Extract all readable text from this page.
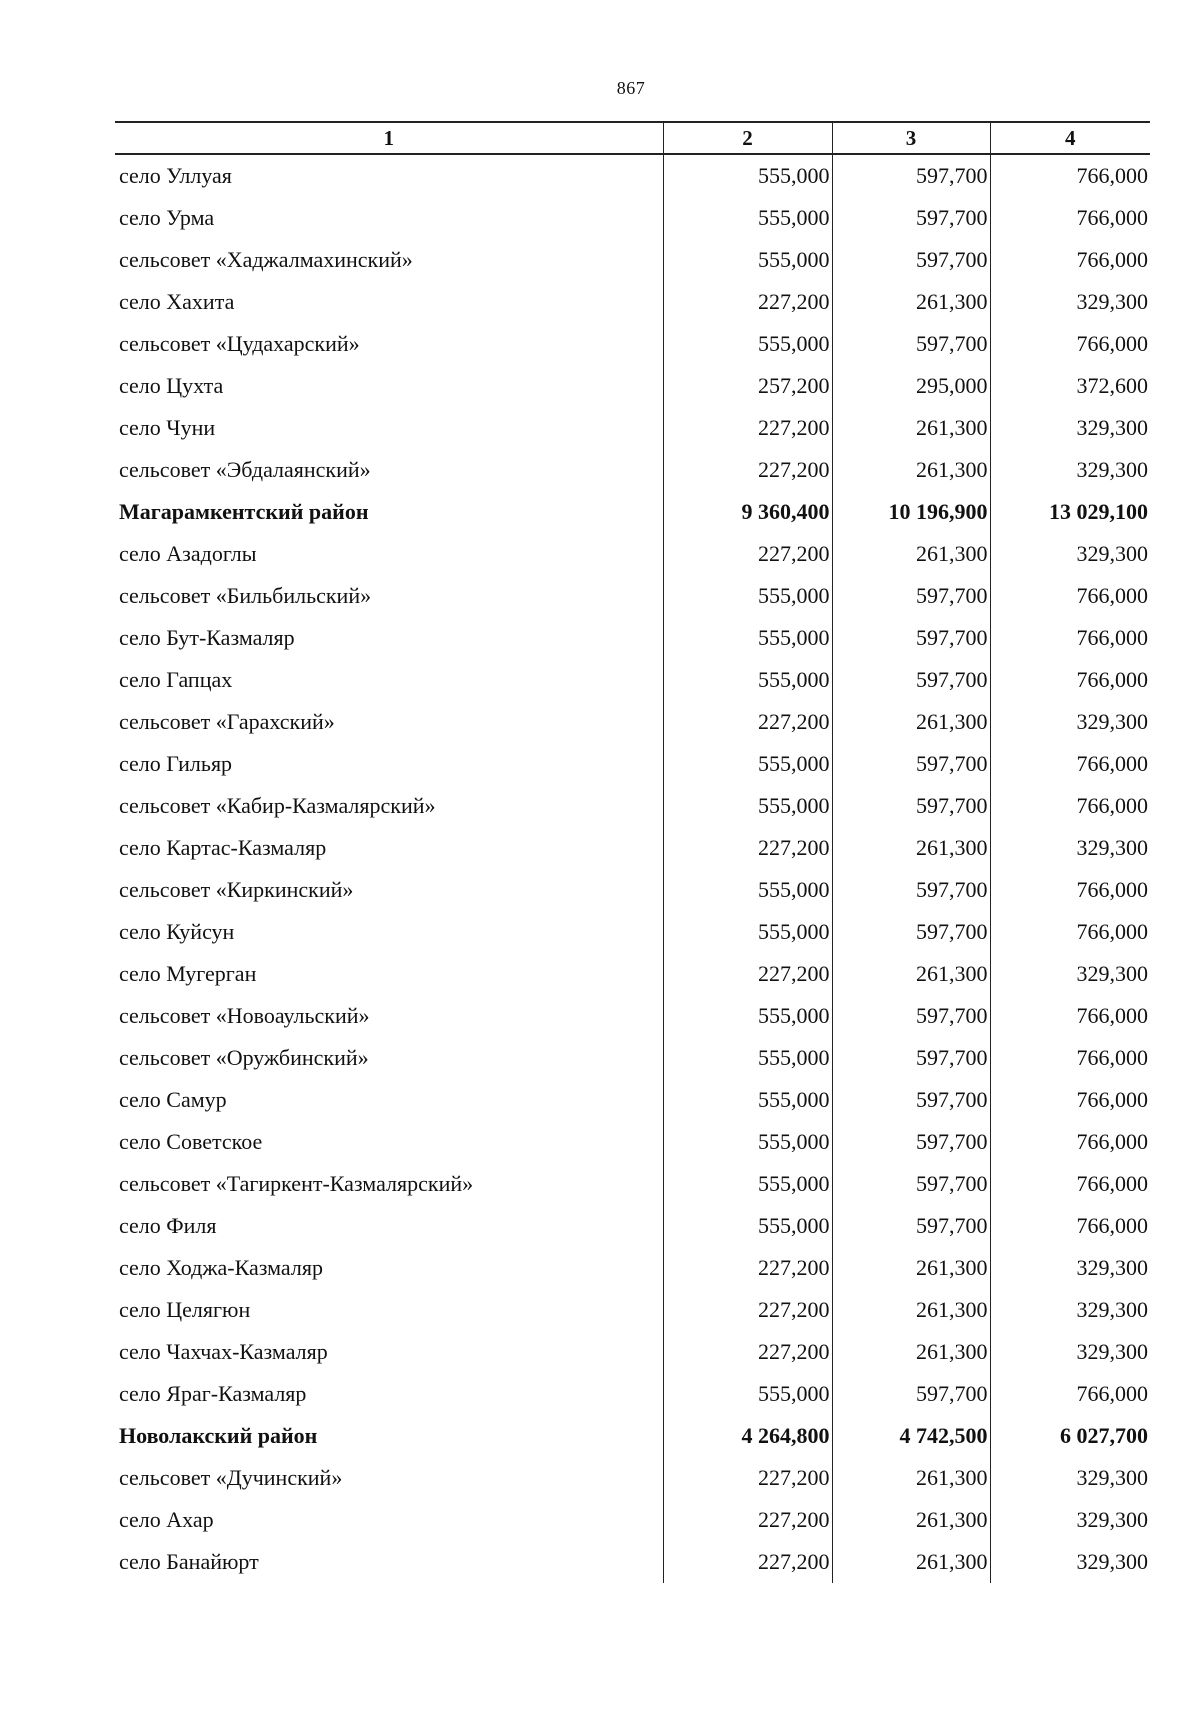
867
1	2	3	4
село Уллуая	555,000	597,700	766,000
село Урма	555,000	597,700	766,000
сельсовет «Хаджалмахинский»	555,000	597,700	766,000
село Хахита	227,200	261,300	329,300
сельсовет «Цудахарский»	555,000	597,700	766,000
село Цухта	257,200	295,000	372,600
село Чуни	227,200	261,300	329,300
сельсовет «Эбдалаянский»	227,200	261,300	329,300
Магарамкентский район	9 360,400	10 196,900	13 029,100
село Азадоглы	227,200	261,300	329,300
сельсовет «Бильбильский»	555,000	597,700	766,000
село Бут-Казмаляр	555,000	597,700	766,000
село Гапцах	555,000	597,700	766,000
сельсовет «Гарахский»	227,200	261,300	329,300
село Гильяр	555,000	597,700	766,000
сельсовет «Кабир-Казмалярский»	555,000	597,700	766,000
село Картас-Казмаляр	227,200	261,300	329,300
сельсовет «Киркинский»	555,000	597,700	766,000
село Куйсун	555,000	597,700	766,000
село Мугерган	227,200	261,300	329,300
сельсовет «Новоаульский»	555,000	597,700	766,000
сельсовет «Оружбинский»	555,000	597,700	766,000
село Самур	555,000	597,700	766,000
село Советское	555,000	597,700	766,000
сельсовет «Тагиркент-Казмалярский»	555,000	597,700	766,000
село Филя	555,000	597,700	766,000
село Ходжа-Казмаляр	227,200	261,300	329,300
село Целягюн	227,200	261,300	329,300
село Чахчах-Казмаляр	227,200	261,300	329,300
село Яраг-Казмаляр	555,000	597,700	766,000
Новолакский район	4 264,800	4 742,500	6 027,700
сельсовет «Дучинский»	227,200	261,300	329,300
село Ахар	227,200	261,300	329,300
село Банайюрт	227,200	261,300	329,300
